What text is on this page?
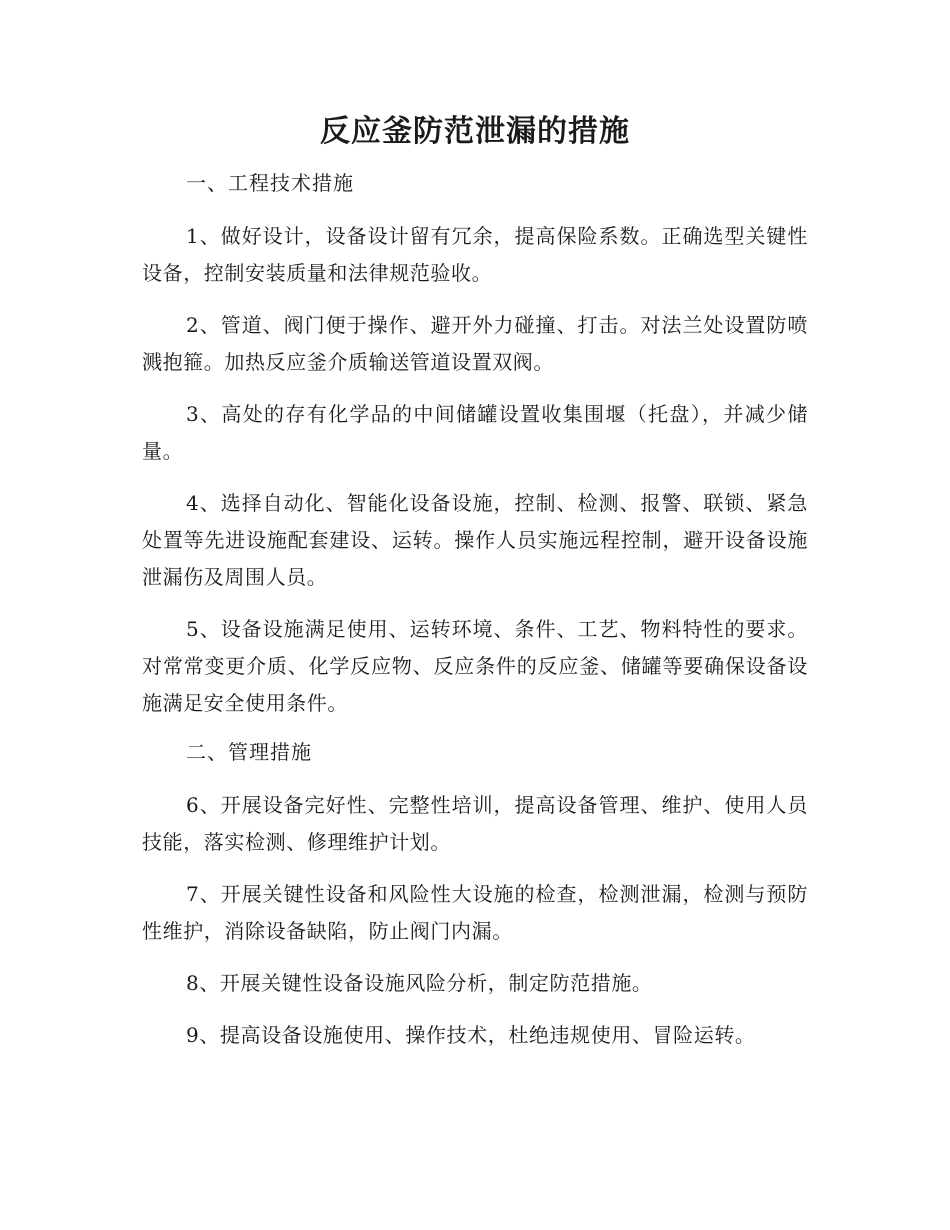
反应釜防范泄漏的措施

一、工程技术措施

1、做好设计，设备设计留有冗余，提高保险系数。正确选型关键性设备，控制安装质量和法律规范验收。

2、管道、阀门便于操作、避开外力碰撞、打击。对法兰处设置防喷溅抱箍。加热反应釜介质输送管道设置双阀。

3、高处的存有化学品的中间储罐设置收集围堰（托盘），并减少储量。

4、选择自动化、智能化设备设施，控制、检测、报警、联锁、紧急处置等先进设施配套建设、运转。操作人员实施远程控制，避开设备设施泄漏伤及周围人员。

5、设备设施满足使用、运转环境、条件、工艺、物料特性的要求。对常常变更介质、化学反应物、反应条件的反应釜、储罐等要确保设备设施满足安全使用条件。

二、管理措施

6、开展设备完好性、完整性培训，提高设备管理、维护、使用人员技能，落实检测、修理维护计划。

7、开展关键性设备和风险性大设施的检查，检测泄漏，检测与预防性维护，消除设备缺陷，防止阀门内漏。

8、开展关键性设备设施风险分析，制定防范措施。

9、提高设备设施使用、操作技术，杜绝违规使用、冒险运转。
